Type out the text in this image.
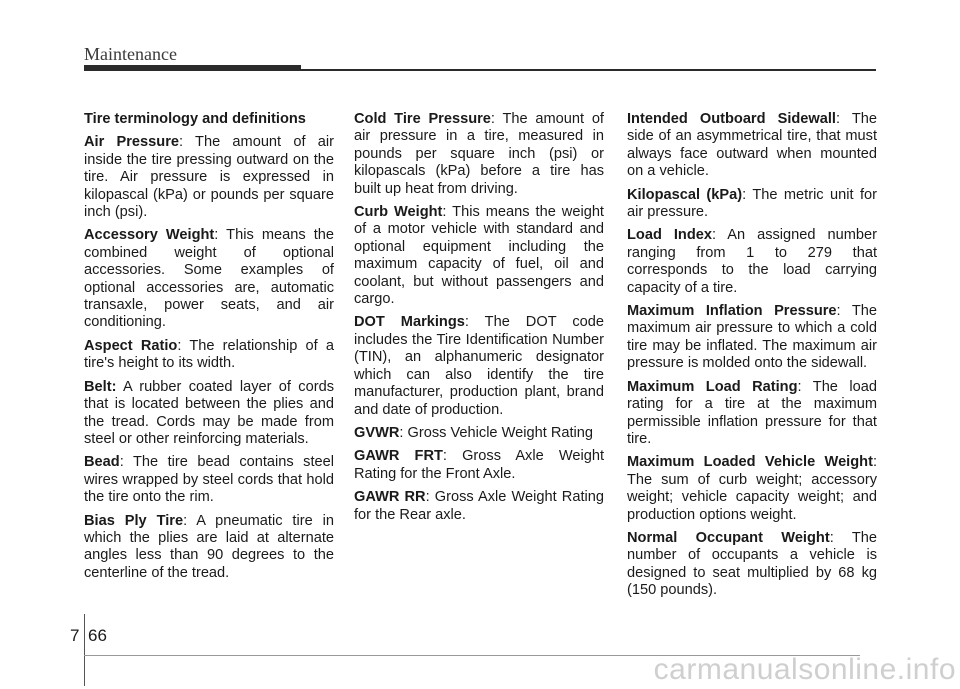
Maintenance

Tire terminology and definitions

Air Pressure: The amount of air inside the tire pressing outward on the tire. Air pressure is expressed in kilopascal (kPa) or pounds per square inch (psi).

Accessory Weight: This means the combined weight of optional accessories. Some examples of optional accessories are, automatic transaxle, power seats, and air conditioning.

Aspect Ratio: The relationship of a tire's height to its width.

Belt: A rubber coated layer of cords that is located between the plies and the tread. Cords may be made from steel or other reinforcing materials.

Bead: The tire bead contains steel wires wrapped by steel cords that hold the tire onto the rim.

Bias Ply Tire: A pneumatic tire in which the plies are laid at alternate angles less than 90 degrees to the centerline of the tread.

Cold Tire Pressure: The amount of air pressure in a tire, measured in pounds per square inch (psi) or kilopascals (kPa) before a tire has built up heat from driving.

Curb Weight: This means the weight of a motor vehicle with standard and optional equipment including the maximum capacity of fuel, oil and coolant, but without passengers and cargo.

DOT Markings: The DOT code includes the Tire Identification Number (TIN), an alphanumeric designator which can also identify the tire manufacturer, production plant, brand and date of production.

GVWR: Gross Vehicle Weight Rating

GAWR FRT: Gross Axle Weight Rating for the Front Axle.

GAWR RR: Gross Axle Weight Rating for the Rear axle.

Intended Outboard Sidewall: The side of an asymmetrical tire, that must always face outward when mounted on a vehicle.

Kilopascal (kPa): The metric unit for air pressure.

Load Index: An assigned number ranging from 1 to 279 that corresponds to the load carrying capacity of a tire.

Maximum Inflation Pressure: The maximum air pressure to which a cold tire may be inflated. The maximum air pressure is molded onto the sidewall.

Maximum Load Rating: The load rating for a tire at the maximum permissible inflation pressure for that tire.

Maximum Loaded Vehicle Weight: The sum of curb weight; accessory weight; vehicle capacity weight; and production options weight.

Normal Occupant Weight: The number of occupants a vehicle is designed to seat multiplied by 68 kg (150 pounds).

7 66
carmanualsonline.info
